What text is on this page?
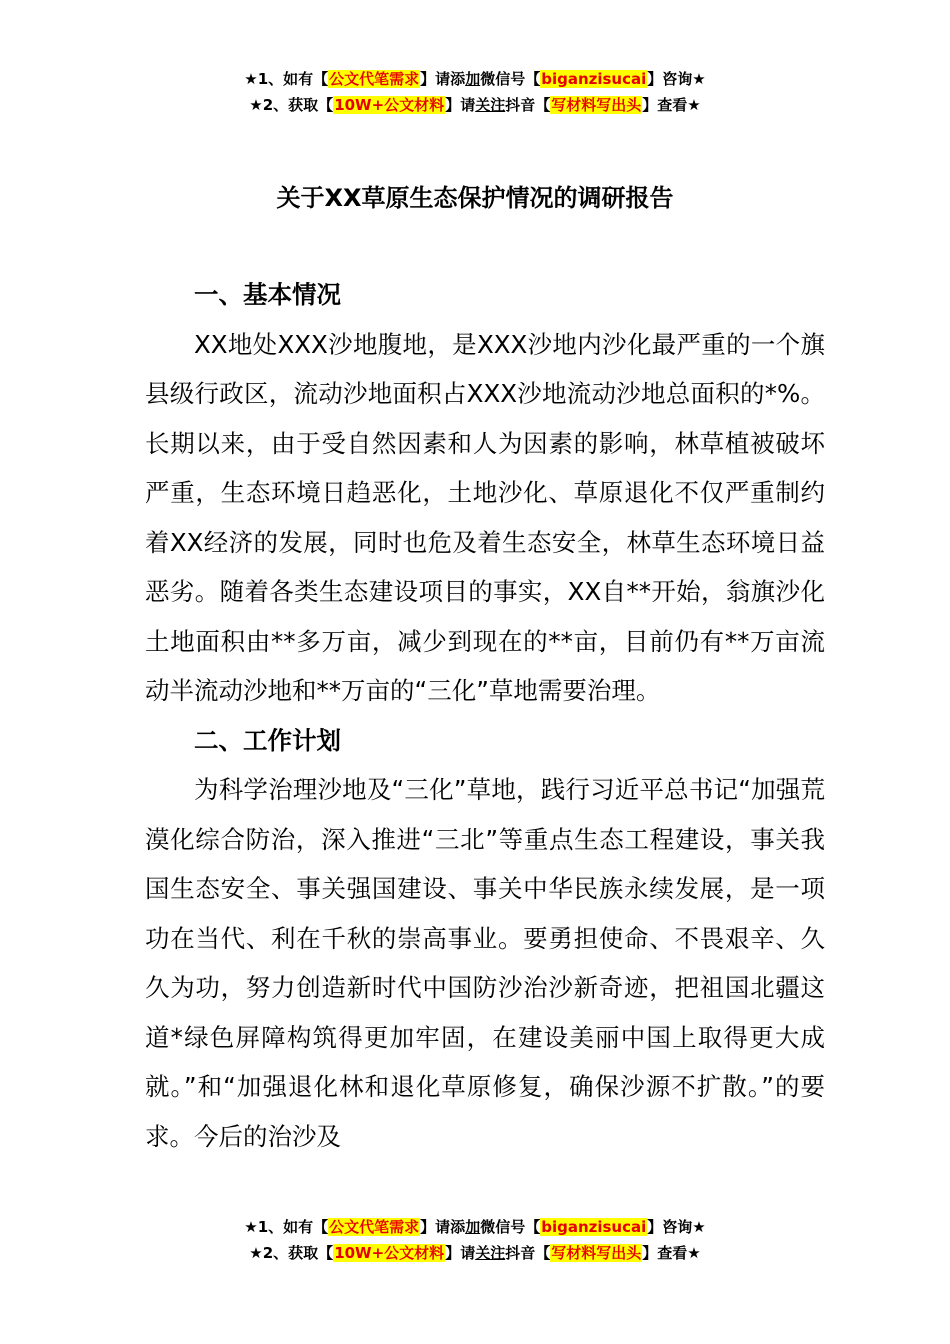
★1、如有【公文代笔需求】请添加微信号【biganzisucai】咨询★
★2、获取【10W+公文材料】请关注抖音【写材料写出头】查看★
关于XX草原生态保护情况的调研报告

一、基本情况

XX地处XXX沙地腹地，是XXX沙地内沙化最严重的一个旗县级行政区，流动沙地面积占XXX沙地流动沙地总面积的*%。长期以来，由于受自然因素和人为因素的影响，林草植被破坏严重，生态环境日趋恶化，土地沙化、草原退化不仅严重制约着XX经济的发展，同时也危及着生态安全，林草生态环境日益恶劣。随着各类生态建设项目的事实，XX自**开始，翁旗沙化土地面积由**多万亩，减少到现在的**亩，目前仍有**万亩流动半流动沙地和**万亩的“三化”草地需要治理。

二、工作计划

为科学治理沙地及“三化”草地，践行习近平总书记“加强荒漠化综合防治，深入推进“三北”等重点生态工程建设，事关我国生态安全、事关强国建设、事关中华民族永续发展，是一项功在当代、利在千秋的崇高事业。要勇担使命、不畏艰辛、久久为功，努力创造新时代中国防沙治沙新奇迹，把祖国北疆这道*绿色屏障构筑得更加牢固，在建设美丽中国上取得更大成就。”和“加强退化林和退化草原修复，确保沙源不扩散。”的要求。今后的治沙及

★1、如有【公文代笔需求】请添加微信号【biganzisucai】咨询★
★2、获取【10W+公文材料】请关注抖音【写材料写出头】查看★
